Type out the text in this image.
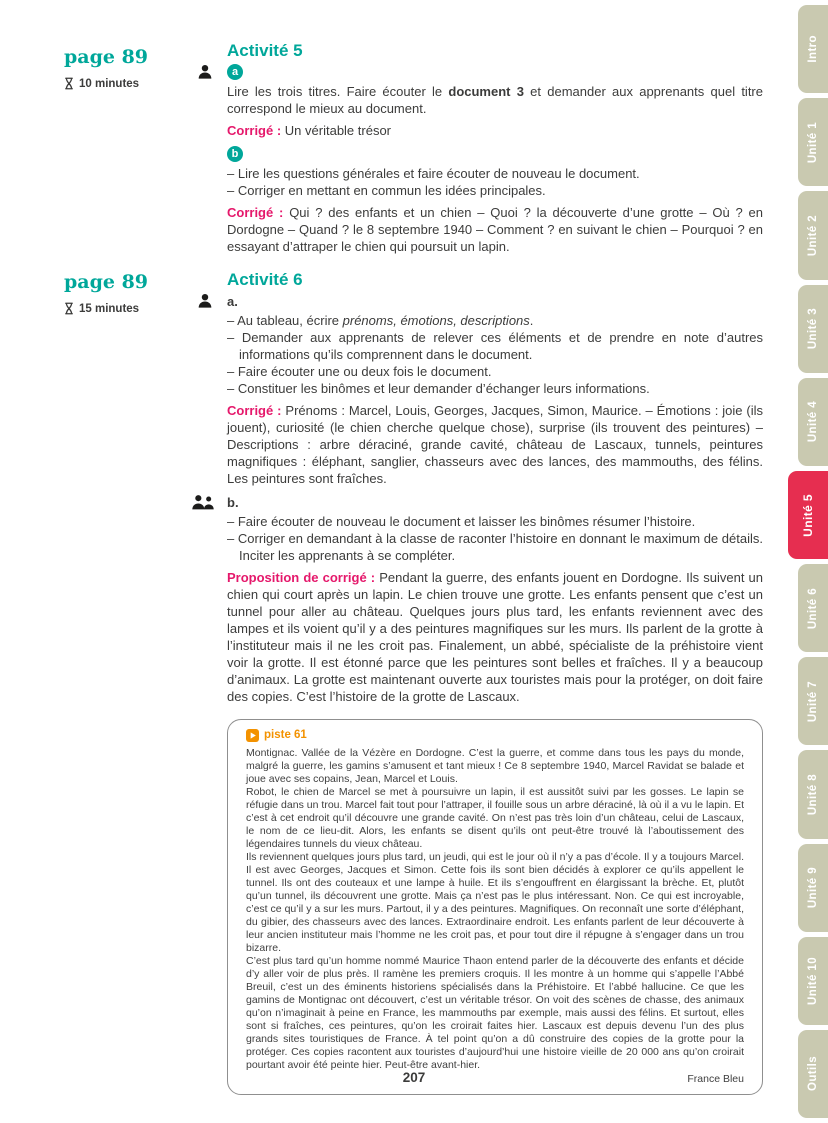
page 89
10 minutes
page 89
15 minutes
Activité 5
a

Lire les trois titres. Faire écouter le document 3 et demander aux apprenants quel titre correspond le mieux au document.

Corrigé : Un véritable trésor

b
– Lire les questions générales et faire écouter de nouveau le document.
– Corriger en mettant en commun les idées principales.

Corrigé : Qui ? des enfants et un chien – Quoi ? la découverte d’une grotte – Où ? en Dordogne – Quand ? le 8 septembre 1940 – Comment ? en suivant le chien – Pourquoi ? en essayant d’attraper le chien qui poursuit un lapin.

Activité 6
a.
– Au tableau, écrire prénoms, émotions, descriptions.
– Demander aux apprenants de relever ces éléments et de prendre en note d’autres informations qu’ils comprennent dans le document.
– Faire écouter une ou deux fois le document.
– Constituer les binômes et leur demander d’échanger leurs informations.

Corrigé : Prénoms : Marcel, Louis, Georges, Jacques, Simon, Maurice. – Émotions : joie (ils jouent), curiosité (le chien cherche quelque chose), surprise (ils trouvent des peintures) – Descriptions : arbre déraciné, grande cavité, château de Lascaux, tunnels, peintures magnifiques : éléphant, sanglier, chasseurs avec des lances, des mammouths, des félins. Les peintures sont fraîches.

b.
– Faire écouter de nouveau le document et laisser les binômes résumer l’histoire.
– Corriger en demandant à la classe de raconter l’histoire en donnant le maximum de détails. Inciter les apprenants à se compléter.

Proposition de corrigé : Pendant la guerre, des enfants jouent en Dordogne. Ils suivent un chien qui court après un lapin. Le chien trouve une grotte. Les enfants pensent que c’est un tunnel pour aller au château. Quelques jours plus tard, les enfants reviennent avec des lampes et ils voient qu’il y a des peintures magnifiques sur les murs. Ils parlent de la grotte à l’instituteur mais il ne les croit pas. Finalement, un abbé, spécialiste de la préhistoire vient voir la grotte. Il est étonné parce que les peintures sont belles et fraîches. Il y a beaucoup d’animaux. La grotte est maintenant ouverte aux touristes mais pour la protéger, on doit faire des copies. C’est l’histoire de la grotte de Lascaux.

piste 61

Montignac. Vallée de la Vézère en Dordogne. C’est la guerre, et comme dans tous les pays du monde, malgré la guerre, les gamins s’amusent et tant mieux ! Ce 8 septembre 1940, Marcel Ravidat se balade et joue avec ses copains, Jean, Marcel et Louis.

Robot, le chien de Marcel se met à poursuivre un lapin, il est aussitôt suivi par les gosses. Le lapin se réfugie dans un trou. Marcel fait tout pour l’attraper, il fouille sous un arbre déraciné, là où il a vu le lapin. Et c’est à cet endroit qu’il découvre une grande cavité. On n’est pas très loin d’un château, celui de Lascaux, le nom de ce lieu-dit. Alors, les enfants se disent qu’ils ont peut-être trouvé là l’aboutissement des légendaires tunnels du vieux château.

Ils reviennent quelques jours plus tard, un jeudi, qui est le jour où il n’y a pas d’école. Il y a toujours Marcel. Il est avec Georges, Jacques et Simon. Cette fois ils sont bien décidés à explorer ce qu’ils appellent le tunnel. Ils ont des couteaux et une lampe à huile. Et ils s’engouffrent en élargissant la brèche. Et, plutôt qu’un tunnel, ils découvrent une grotte. Mais ça n’est pas le plus intéressant. Non. Ce qui est incroyable, c’est ce qu’il y a sur les murs. Partout, il y a des peintures. Magnifiques. On reconnaît une sorte d’éléphant, du gibier, des chasseurs avec des lances. Extraordinaire endroit. Les enfants parlent de leur découverte à leur ancien instituteur mais l’homme ne les croit pas, et pour tout dire il répugne à s’engager dans un trou bizarre.

C’est plus tard qu’un homme nommé Maurice Thaon entend parler de la découverte des enfants et décide d’y aller voir de plus près. Il ramène les premiers croquis. Il les montre à un homme qui s’appelle l’Abbé Breuil, c’est un des éminents historiens spécialisés dans la Préhistoire. Et l’abbé hallucine. Ce que les gamins de Montignac ont découvert, c’est un véritable trésor. On voit des scènes de chasse, des animaux qu’on n’imaginait à peine en France, les mammouths par exemple, mais aussi des félins. Et surtout, elles sont si fraîches, ces peintures, qu’on les croirait faites hier. Lascaux est depuis devenu l’un des plus grands sites touristiques de France. À tel point qu’on a dû construire des copies de la grotte pour la protéger. Ces copies racontent aux touristes d’aujourd’hui une histoire vieille de 20 000 ans qu’on croirait pourtant avoir été peinte hier. Peut-être avant-hier.

France Bleu
207
Intro
Unité 1
Unité 2
Unité 3
Unité 4
Unité 5
Unité 6
Unité 7
Unité 8
Unité 9
Unité 10
Outils
